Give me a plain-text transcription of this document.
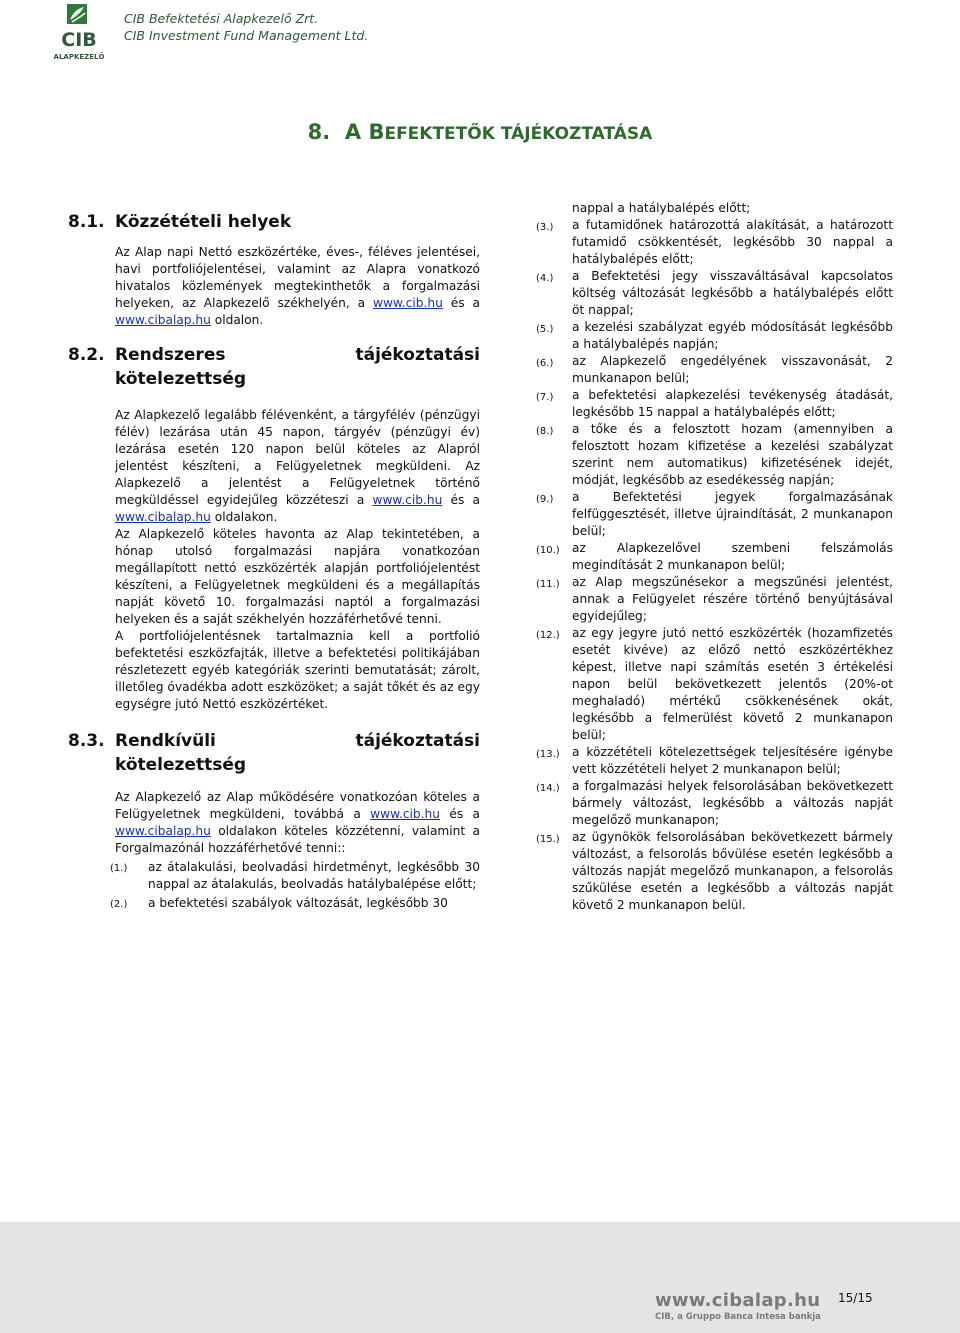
CIB
ALAPKEZELŐ
CIB Befektetési Alapkezelő Zrt.
CIB Investment Fund Management Ltd.
8. A BEFEKTETŐK TÁJÉKOZTATÁSA
8.1. Közzétételi helyek

Az Alap napi Nettó eszközértéke, éves-, féléves jelentései, havi portfoliójelentései, valamint az Alapra vonatkozó hivatalos közlemények megtekinthetők a forgalmazási helyeken, az Alapkezelő székhelyén, a www.cib.hu és a www.cibalap.hu oldalon.

8.2. Rendszeres	tájékoztatási
kötelezettség

Az Alapkezelő legalább félévenként, a tárgyfélév (pénzügyi félév) lezárása után 45 napon, tárgyév (pénzügyi év) lezárása esetén 120 napon belül köteles az Alapról jelentést készíteni, a Felügyeletnek megküldeni. Az Alapkezelő a jelentést a Felügyeletnek történő megküldéssel egyidejűleg közzéteszi a www.cib.hu és a www.cibalap.hu oldalakon.

Az Alapkezelő köteles havonta az Alap tekintetében, a hónap utolsó forgalmazási napjára vonatkozóan megállapított nettó eszközérték alapján portfoliójelentést készíteni, a Felügyeletnek megküldeni és a megállapítás napját követő 10. forgalmazási naptól a forgalmazási helyeken és a saját székhelyén hozzáférhetővé tenni.

A portfoliójelentésnek tartalmaznia kell a portfolió befektetési eszközfajták, illetve a befektetési politikájában részletezett egyéb kategóriák szerinti bemutatását; zárolt, illetőleg óvadékba adott eszközöket; a saját tőkét és az egy egységre jutó Nettó eszközértéket.

8.3. Rendkívüli	tájékoztatási
kötelezettség

Az Alapkezelő az Alap működésére vonatkozóan köteles a Felügyeletnek megküldeni, továbbá a www.cib.hu és a www.cibalap.hu oldalakon köteles közzétenni, valamint a Forgalmazónál hozzáférhetővé tenni::

(1.)	az átalakulási, beolvadási hirdetményt, legkésőbb 30 nappal az átalakulás, beolvadás hatálybalépése előtt;
(2.)	a befektetési szabályok változását, legkésőbb 30
nappal a hatálybalépés előtt;
(3.)	a futamidőnek határozottá alakítását, a határozott futamidő csökkentését, legkésőbb 30 nappal a hatálybalépés előtt;
(4.)	a Befektetési jegy visszaváltásával kapcsolatos költség változását legkésőbb a hatálybalépés előtt öt nappal;
(5.)	a kezelési szabályzat egyéb módosítását legkésőbb a hatálybalépés napján;
(6.)	az Alapkezelő engedélyének visszavonását, 2 munkanapon belül;
(7.)	a befektetési alapkezelési tevékenység átadását, legkésőbb 15 nappal a hatálybalépés előtt;
(8.)	a tőke és a felosztott hozam (amennyiben a felosztott hozam kifizetése a kezelési szabályzat szerint nem automatikus) kifizetésének idejét, módját, legkésőbb az esedékesség napján;
(9.)	a Befektetési jegyek forgalmazásának felfüggesztését, illetve újraindítását, 2 munkanapon belül;
(10.)	az Alapkezelővel szembeni felszámolás megindítását 2 munkanapon belül;
(11.)	az Alap megszűnésekor a megszűnési jelentést, annak a Felügyelet részére történő benyújtásával egyidejűleg;
(12.)	az egy jegyre jutó nettó eszközérték (hozamfizetés esetét kivéve) az előző nettó eszközértékhez képest, illetve napi számítás esetén 3 értékelési napon belül bekövetkezett jelentős (20%-ot meghaladó) mértékű csökkenésének okát, legkésőbb a felmerülést követő 2 munkanapon belül;
(13.)	a közzétételi kötelezettségek teljesítésére igénybe vett közzétételi helyet 2 munkanapon belül;
(14.)	a forgalmazási helyek felsorolásában bekövetkezett bármely változást, legkésőbb a változás napját megelőző munkanapon;
(15.)	az ügynökök felsorolásában bekövetkezett bármely változást, a felsorolás bővülése esetén legkésőbb a változás napját megelőző munkanapon, a felsorolás szűkülése esetén a legkésőbb a változás napját követő 2 munkanapon belül.
www.cibalap.hu
CIB, a Gruppo Banca Intesa bankja
15/15
